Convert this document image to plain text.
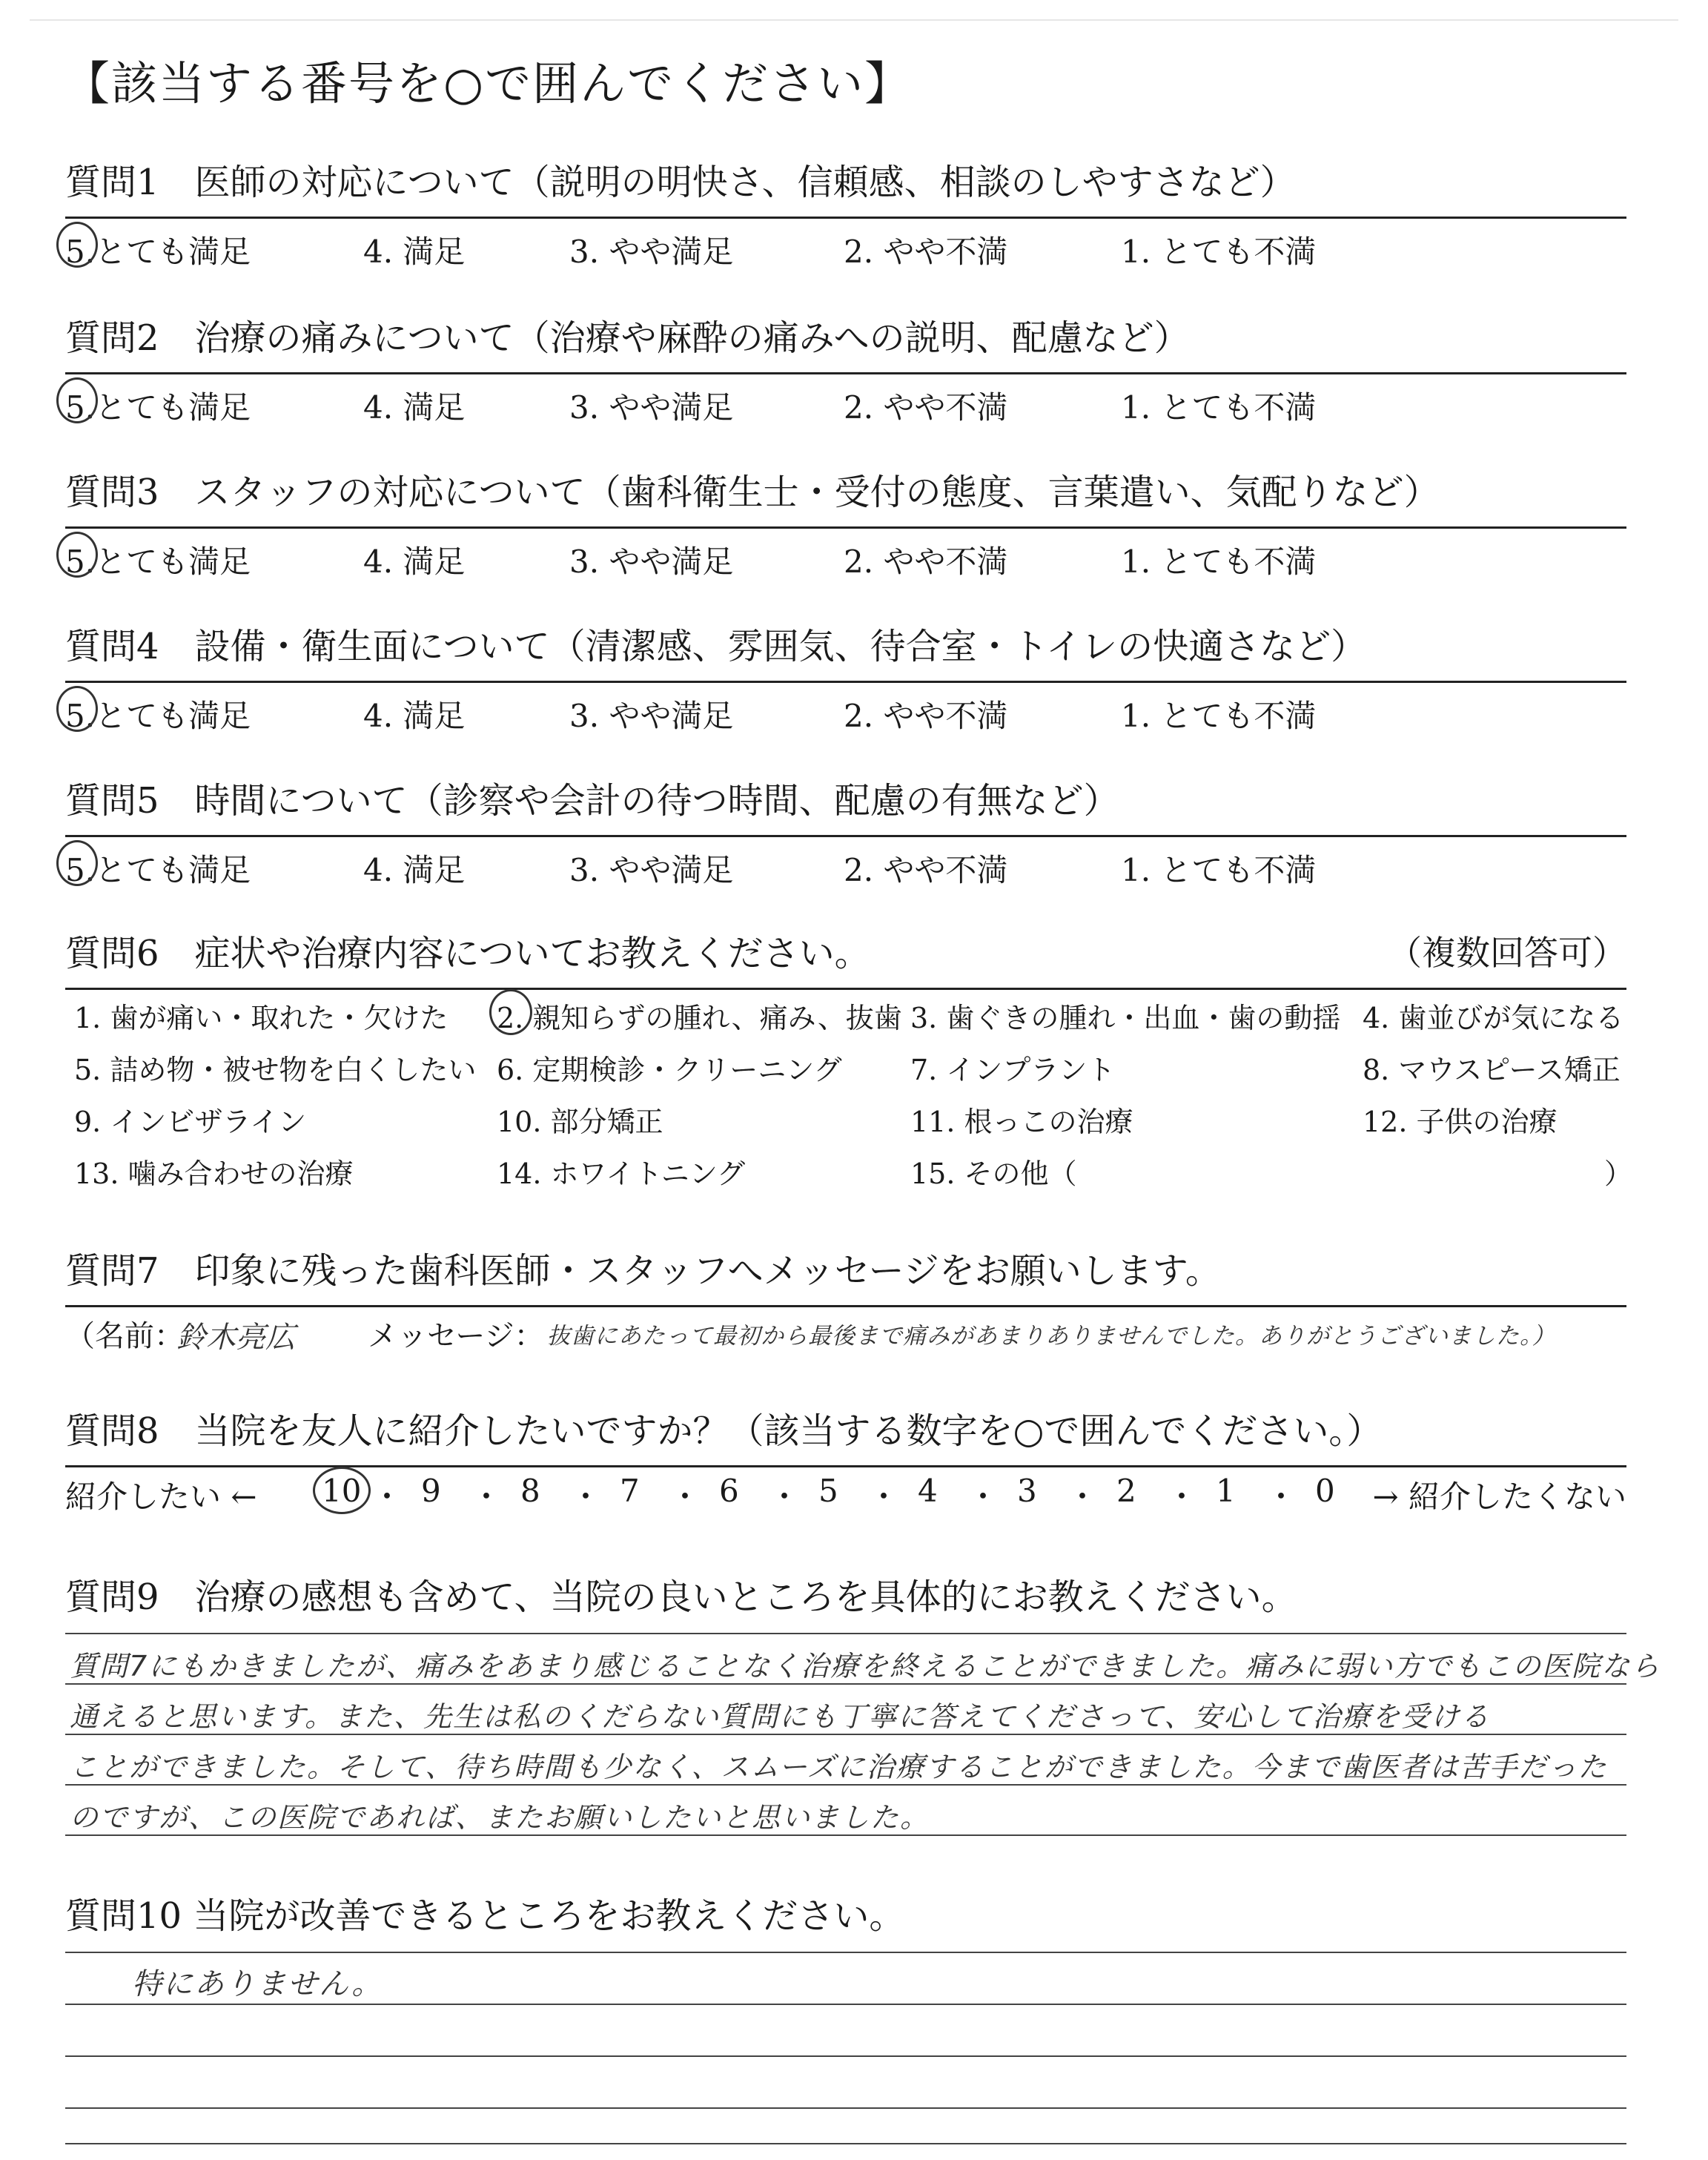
【該当する番号を○で囲んでください】
質問1　医師の対応について（説明の明快さ、信頼感、相談のしやすさなど）
5.とても満足	4. 満足	3. やや満足	2. やや不満	1. とても不満
質問2　治療の痛みについて（治療や麻酔の痛みへの説明、配慮など）
5.とても満足	4. 満足	3. やや満足	2. やや不満	1. とても不満
質問3　スタッフの対応について（歯科衛生士・受付の態度、言葉遣い、気配りなど）
5.とても満足	4. 満足	3. やや満足	2. やや不満	1. とても不満
質問4　設備・衛生面について（清潔感、雰囲気、待合室・トイレの快適さなど）
5.とても満足	4. 満足	3. やや満足	2. やや不満	1. とても不満
質問5　時間について（診察や会計の待つ時間、配慮の有無など）
5.とても満足	4. 満足	3. やや満足	2. やや不満	1. とても不満
質問6　症状や治療内容についてお教えください。	（複数回答可）
1. 歯が痛い・取れた・欠けた 2. 親知らずの腫れ、痛み、抜歯 3. 歯ぐきの腫れ・出血・歯の動揺 4. 歯並びが気になる
5. 詰め物・被せ物を白くしたい 6. 定期検診・クリーニング 7. インプラント	8. マウスピース矯正
9. インビザライン	10. 部分矯正	11. 根っこの治療	12. 子供の治療
13. 噛み合わせの治療	14. ホワイトニング	15. その他（	）
質問7　印象に残った歯科医師・スタッフへメッセージをお願いします。
（名前：
鈴木亮広 メッセージ： 抜歯にあたって最初から最後まで痛みがあまりありませんでした。ありがとうございました。）
質問8　当院を友人に紹介したいですか？（該当する数字を○で囲んでください。）
紹介したい ←	→ 紹介したくない
10 ・ 9 ・ 8 ・ 7 ・ 6 ・ 5 ・ 4 ・ 3 ・ 2 ・ 1 ・ 0
質問9　治療の感想も含めて、当院の良いところを具体的にお教えください。
質問7にもかきましたが、痛みをあまり感じることなく治療を終えることができました。痛みに弱い方でもこの医院なら
通えると思います。また、先生は私のくだらない質問にも丁寧に答えてくださって、安心して治療を受ける
ことができました。そして、待ち時間も少なく、スムーズに治療することができました。今まで歯医者は苦手だった
のですが、この医院であれば、またお願いしたいと思いました。
質問10 当院が改善できるところをお教えください。
特にありません。
